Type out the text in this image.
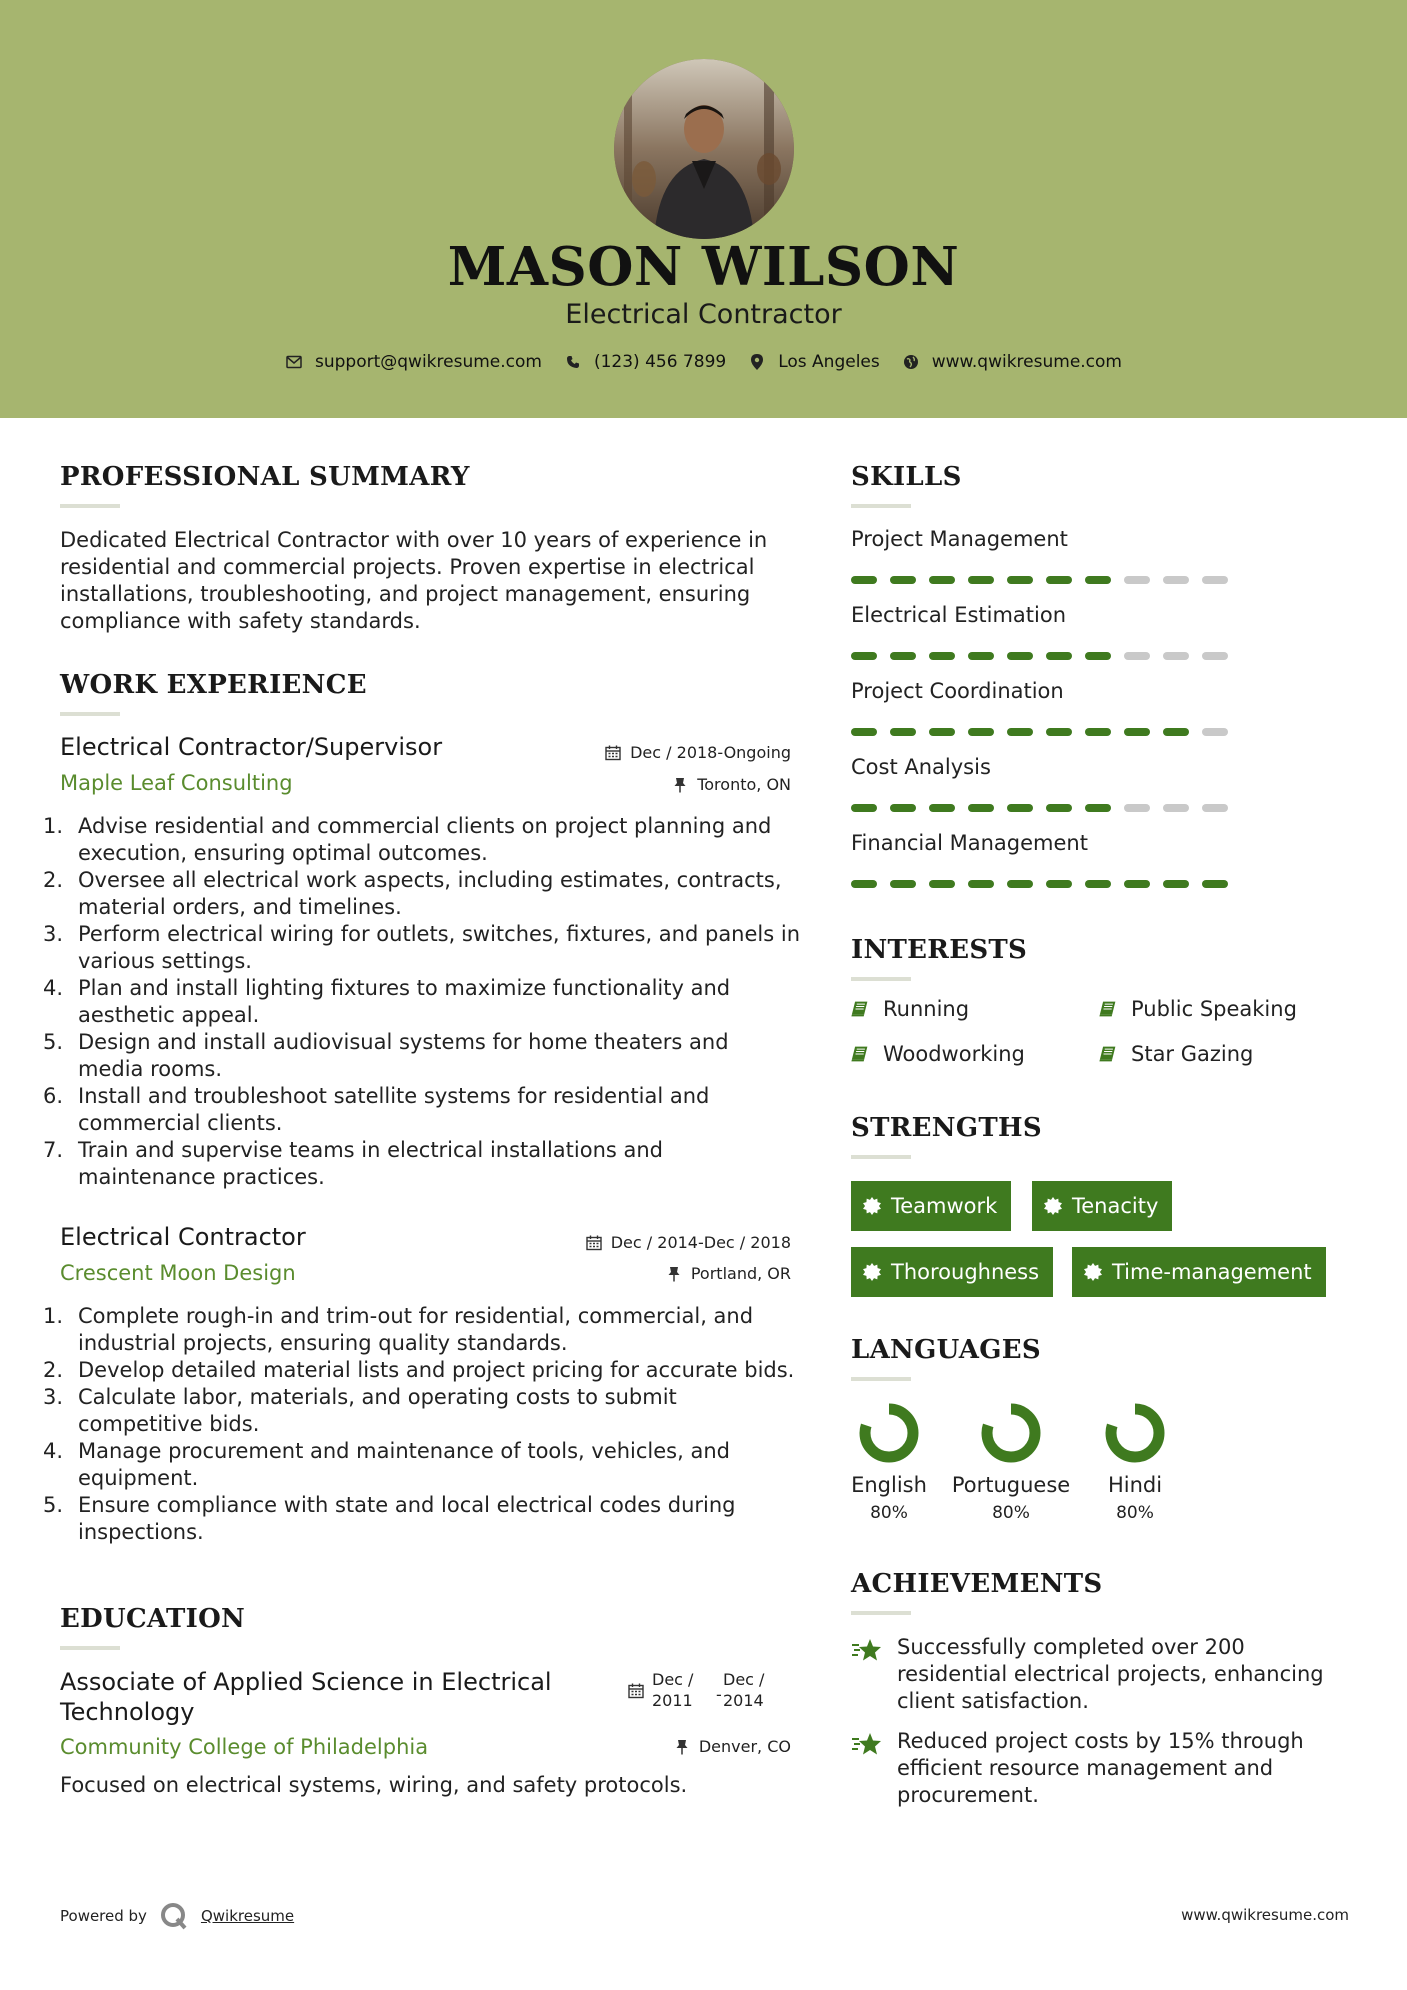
MASON WILSON
Electrical Contractor
support@qwikresume.com	(123) 456 7899	Los Angeles	www.qwikresume.com
PROFESSIONAL SUMMARY
Dedicated Electrical Contractor with over 10 years of experience in
residential and commercial projects. Proven expertise in electrical
installations, troubleshooting, and project management, ensuring
compliance with safety standards.
WORK EXPERIENCE
Electrical Contractor/Supervisor	Dec / 2018-Ongoing
Maple Leaf Consulting	Toronto, ON
1. Advise residential and commercial clients on project planning and
execution, ensuring optimal outcomes.
2. Oversee all electrical work aspects, including estimates, contracts,
material orders, and timelines.
3. Perform electrical wiring for outlets, switches, fixtures, and panels in
various settings.
4. Plan and install lighting fixtures to maximize functionality and
aesthetic appeal.
5. Design and install audiovisual systems for home theaters and
media rooms.
6. Install and troubleshoot satellite systems for residential and
commercial clients.
7. Train and supervise teams in electrical installations and
maintenance practices.
Electrical Contractor	Dec / 2014-Dec / 2018
Crescent Moon Design	Portland, OR
1. Complete rough-in and trim-out for residential, commercial, and
industrial projects, ensuring quality standards.
2. Develop detailed material lists and project pricing for accurate bids.
3. Calculate labor, materials, and operating costs to submit
competitive bids.
4. Manage procurement and maintenance of tools, vehicles, and
equipment.
5. Ensure compliance with state and local electrical codes during
inspections.
EDUCATION
Associate of Applied Science in Electrical
Technology
Dec /
2011 -
Dec /
2014
Community College of Philadelphia	Denver, CO
Focused on electrical systems, wiring, and safety protocols.
SKILLS
Project Management
Electrical Estimation
Project Coordination
Cost Analysis
Financial Management
INTERESTS
Running	Public Speaking
Woodworking	Star Gazing
STRENGTHS
Teamwork	Tenacity
Thoroughness	Time-management
LANGUAGES
English
80%
Portuguese
80%
Hindi
80%
ACHIEVEMENTS
Successfully completed over 200
residential electrical projects, enhancing
client satisfaction.
Reduced project costs by 15% through
efficient resource management and
procurement.
Powered by	Qwikresume	www.qwikresume.com
